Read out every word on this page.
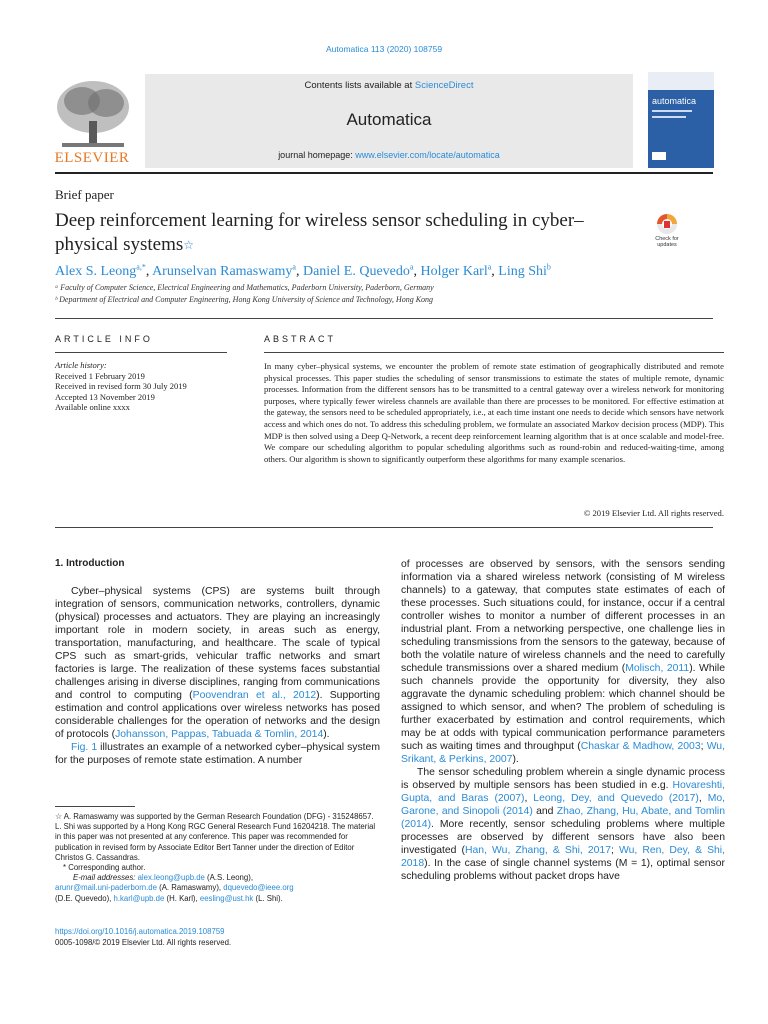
Automatica 113 (2020) 108759
ELSEVIER
Contents lists available at ScienceDirect
Automatica
journal homepage: www.elsevier.com/locate/automatica
automatica
Brief paper
Deep reinforcement learning for wireless sensor scheduling in cyber–physical systems☆	Check for updates
Alex S. Leong$^{a,*}$, Arunselvan Ramaswamy$^a$, Daniel E. Quevedo$^a$, Holger Karl$^a$, Ling Shi$^b$
ᵃ Faculty of Computer Science, Electrical Engineering and Mathematics, Paderborn University, Paderborn, Germany
ᵇ Department of Electrical and Computer Engineering, Hong Kong University of Science and Technology, Hong Kong
ARTICLE INFO	ABSTRACT
Article history:
Received 1 February 2019
Received in revised form 30 July 2019
Accepted 13 November 2019
Available online xxxx
In many cyber–physical systems, we encounter the problem of remote state estimation of geographically distributed and remote physical processes. This paper studies the scheduling of sensor transmissions to estimate the states of multiple remote, dynamic processes. Information from the different sensors has to be transmitted to a central gateway over a wireless network for monitoring purposes, where typically fewer wireless channels are available than there are processes to be monitored. For effective estimation at the gateway, the sensors need to be scheduled appropriately, i.e., at each time instant one needs to decide which sensors have network access and which ones do not. To address this scheduling problem, we formulate an associated Markov decision process (MDP). This MDP is then solved using a Deep Q-Network, a recent deep reinforcement learning algorithm that is at once scalable and model-free. We compare our scheduling algorithm to popular scheduling algorithms such as round-robin and reduced-waiting-time, among others. Our algorithm is shown to significantly outperform these algorithms for many example scenarios.
© 2019 Elsevier Ltd. All rights reserved.
1. Introduction
Cyber–physical systems (CPS) are systems built through integration of sensors, communication networks, controllers, dynamic (physical) processes and actuators. They are playing an increasingly important role in modern society, in areas such as energy, transportation, manufacturing, and healthcare. The scale of typical CPS such as smart-grids, vehicular traffic networks and smart factories is large. The realization of these systems faces substantial challenges arising in diverse disciplines, ranging from communications and control to computing (Poovendran et al., 2012). Supporting estimation and control applications over wireless networks has posed considerable challenges for the operation of networks and the design of protocols (Johansson, Pappas, Tabuada & Tomlin, 2014).
Fig. 1 illustrates an example of a networked cyber–physical system for the purposes of remote state estimation. A number
of processes are observed by sensors, with the sensors sending information via a shared wireless network (consisting of M wireless channels) to a gateway, that computes state estimates of each of these processes. Such situations could, for instance, occur if a central controller wishes to monitor a number of different processes in an industrial plant. From a networking perspective, one challenge lies in scheduling transmissions from the sensors to the gateway, because of both the volatile nature of wireless channels and the need to carefully schedule transmissions over a shared medium (Molisch, 2011). While such channels provide the opportunity for diversity, they also aggravate the dynamic scheduling problem: which channel should be assigned to which sensor, and when? The problem of scheduling is further exacerbated by estimation and control requirements, which may be at odds with typical communication performance parameters such as waiting times and throughput (Chaskar & Madhow, 2003; Wu, Srikant, & Perkins, 2007).
The sensor scheduling problem wherein a single dynamic process is observed by multiple sensors has been studied in e.g. Hovareshti, Gupta, and Baras (2007), Leong, Dey, and Quevedo (2017), Mo, Garone, and Sinopoli (2014) and Zhao, Zhang, Hu, Abate, and Tomlin (2014). More recently, sensor scheduling problems where multiple processes are observed by different sensors have also been investigated (Han, Wu, Zhang, & Shi, 2017; Wu, Ren, Dey, & Shi, 2018). In the case of single channel systems (M = 1), optimal sensor scheduling problems without packet drops have
☆ A. Ramaswamy was supported by the German Research Foundation (DFG) - 315248657. L. Shi was supported by a Hong Kong RGC General Research Fund 16204218. The material in this paper was not presented at any conference. This paper was recommended for publication in revised form by Associate Editor Bert Tanner under the direction of Editor Christos G. Cassandras.
* Corresponding author.
E-mail addresses: alex.leong@upb.de (A.S. Leong),
arunr@mail.uni-paderborn.de (A. Ramaswamy), dquevedo@ieee.org
(D.E. Quevedo), h.karl@upb.de (H. Karl), eesling@ust.hk (L. Shi).
https://doi.org/10.1016/j.automatica.2019.108759
0005-1098/© 2019 Elsevier Ltd. All rights reserved.
